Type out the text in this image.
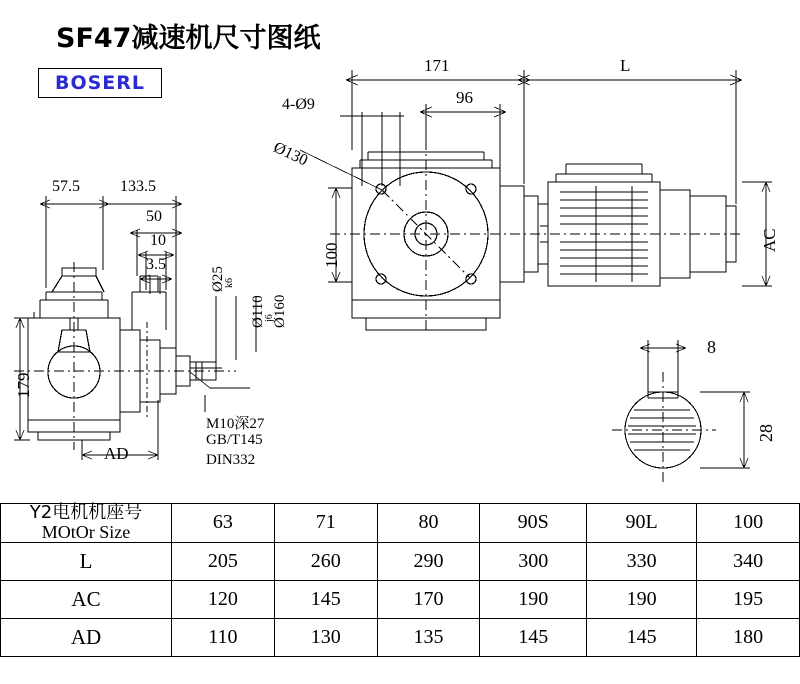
SF47减速机尺寸图纸
BOSERL
171	L
96
4-Ø9
Ø130
100
AC
57.5	133.5
50
10
3.5
179
AD
Ø25
k6
Ø110
j6
Ø160
M10深27
GB/T145
DIN332
8
28
Y2电机机座号
MOtOr Size	63	71	80	90S	90L	100
L	205	260	290	300	330	340
AC	120	145	170	190	190	195
AD	110	130	135	145	145	180
